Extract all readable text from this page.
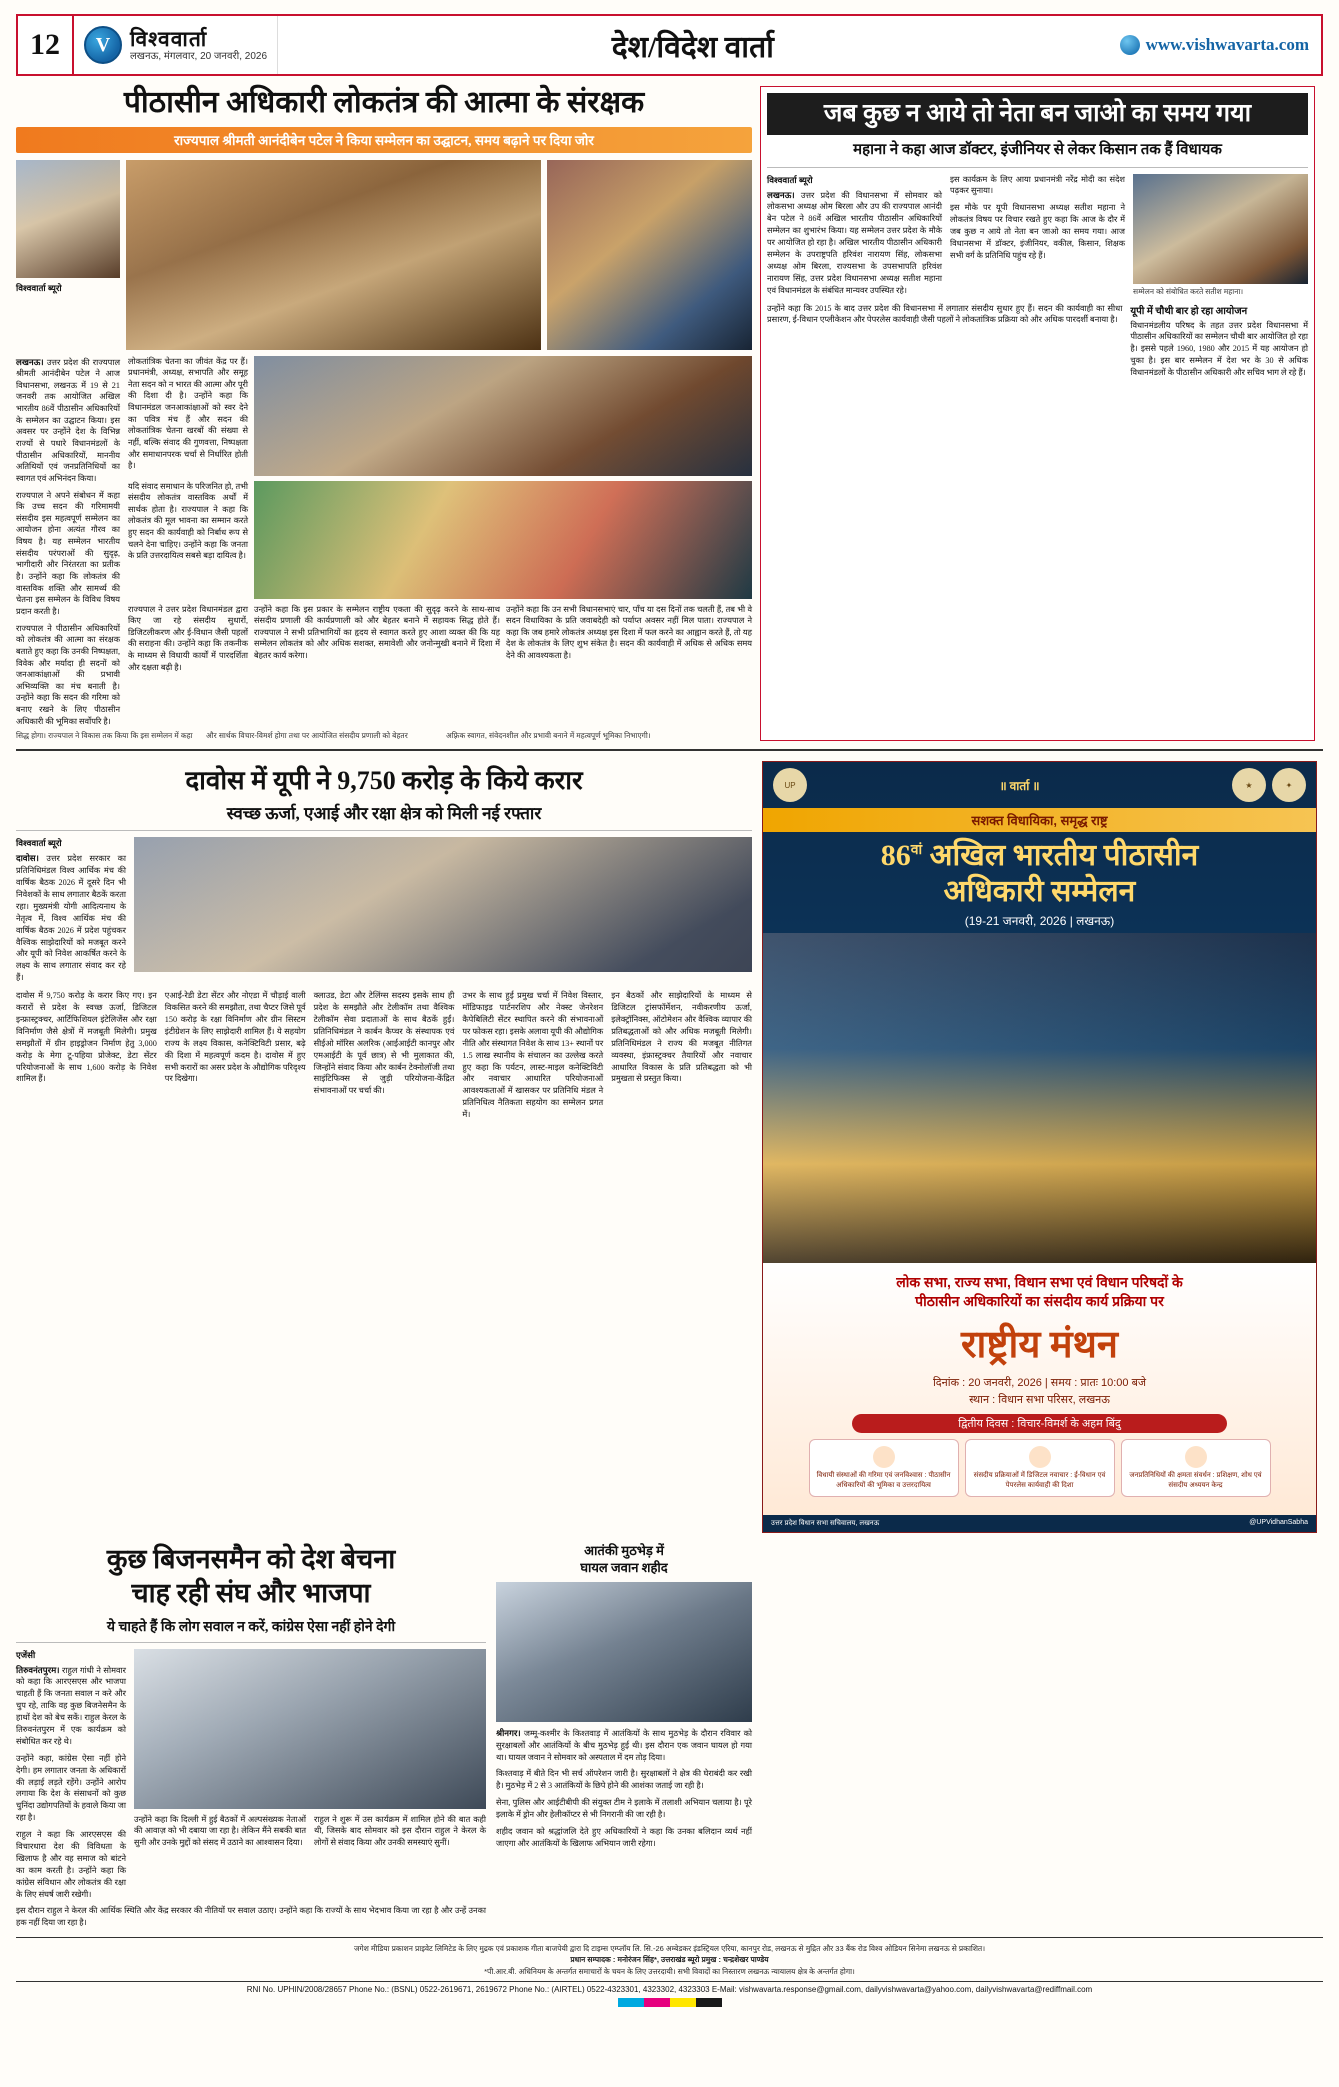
12	V विश्ववार्ता
लखनऊ, मंगलवार, 20 जनवरी, 2026	देश/विदेश वार्ता	www.vishwavarta.com
पीठासीन अधिकारी लोकतंत्र की आत्मा के संरक्षक
राज्यपाल श्रीमती आनंदीबेन पटेल ने किया सम्मेलन का उद्घाटन, समय बढ़ाने पर दिया जोर
विश्ववार्ता ब्यूरो
लखनऊ। उत्तर प्रदेश की राज्यपाल श्रीमती आनंदीबेन पटेल ने आज विधानसभा, लखनऊ में 19 से 21 जनवरी तक आयोजित अखिल भारतीय 86वें पीठासीन अधिकारियों के सम्मेलन का उद्घाटन किया। इस अवसर पर उन्होंने देश के विभिन्न राज्यों से पधारे विधानमंडलों के पीठासीन अधिकारियों, माननीय अतिथियों एवं जनप्रतिनिधियों का स्वागत एवं अभिनंदन किया।
राज्यपाल ने अपने संबोधन में कहा कि उच्च सदन की गरिमामयी संसदीय इस महत्वपूर्ण सम्मेलन का आयोजन होना अत्यंत गौरव का विषय है। यह सम्मेलन भारतीय संसदीय परंपराओं की सुदृढ़, भागीदारी और निरंतरता का प्रतीक है। उन्होंने कहा कि लोकतंत्र की वास्तविक शक्ति और सामर्थ्य की चेतना इस सम्मेलन के विविध विषय प्रदान करती है।
राज्यपाल ने पीठासीन अधिकारियों को लोकतंत्र की आत्मा का संरक्षक बताते हुए कहा कि उनकी निष्पक्षता, विवेक और मर्यादा ही सदनों को जनआकांक्षाओं की प्रभावी अभिव्यक्ति का मंच बनाती है। उन्होंने कहा कि सदन की गरिमा को बनाए रखने के लिए पीठासीन अधिकारी की भूमिका सर्वोपरि है।
लोकतांत्रिक चेतना का जीवंत केंद्र पर हैं। प्रधानमंत्री, अध्यक्ष, सभापति और समूह नेता सदन को न भारत की आत्मा और पूरी की दिशा दी है। उन्होंने कहा कि विधानमंडल जनआकांक्षाओं को स्वर देने का पवित्र मंच हैं और सदन की लोकतांत्रिक चेतना खरबों की संख्या से नहीं, बल्कि संवाद की गुणवत्ता, निष्पक्षता और समाधानपरक चर्चा से निर्धारित होती है।
यदि संवाद समाधान के परिजनित हो, तभी संसदीय लोकतंत्र वास्तविक अर्थों में सार्थक होता है। राज्यपाल ने कहा कि लोकतंत्र की मूल भावना का सम्मान करते हुए सदन की कार्यवाही को निर्बाध रूप से चलने देना चाहिए। उन्होंने कहा कि जनता के प्रति उत्तरदायित्व सबसे बड़ा दायित्व है।
राज्यपाल ने उत्तर प्रदेश विधानमंडल द्वारा किए जा रहे संसदीय सुधारों, डिजिटलीकरण और ई-विधान जैसी पहलों की सराहना की। उन्होंने कहा कि तकनीक के माध्यम से विधायी कार्यों में पारदर्शिता और दक्षता बढ़ी है।
उन्होंने कहा कि इस प्रकार के सम्मेलन राष्ट्रीय एकता की सुदृढ़ करने के साथ-साथ संसदीय प्रणाली की कार्यप्रणाली को और बेहतर बनाने में सहायक सिद्ध होते हैं। राज्यपाल ने सभी प्रतिभागियों का हृदय से स्वागत करते हुए आशा व्यक्त की कि यह सम्मेलन लोकतंत्र को और अधिक सशक्त, समावेशी और जनोन्मुखी बनाने में दिशा में बेहतर कार्य करेगा।
उन्होंने कहा कि उन सभी विधानसभाएं चार, पाँच या दस दिनों तक चलती हैं, तब भी वे सदन विधायिका के प्रति जवाबदेही को पर्याप्त अवसर नहीं मिल पाता। राज्यपाल ने कहा कि जब हमारे लोकतंत्र अध्यक्ष इस दिशा में फल करने का आह्वान करते हैं, तो यह देश के लोकतंत्र के लिए शुभ संकेत है। सदन की कार्यवाही में अधिक से अधिक समय देने की आवश्यकता है।
सिद्ध होगा। राज्यपाल ने विकास तक किया कि इस सम्मेलन में कहा	और सार्थक विचार-विमर्श होगा तथा पर आयोजित संसदीय प्रणाली को बेहतर	अफ़्रिक स्वागत, संवेदनशील और प्रभावी बनाने में महत्वपूर्ण भूमिका निभाएगी।
जब कुछ न आये तो नेता बन जाओ का समय गया
महाना ने कहा आज डॉक्टर, इंजीनियर से लेकर किसान तक हैं विधायक
विश्ववार्ता ब्यूरो
लखनऊ। उत्तर प्रदेश की विधानसभा में सोमवार को लोकसभा अध्यक्ष ओम बिरला और उप की राज्यपाल आनंदी बेन पटेल ने 86वें अखिल भारतीय पीठासीन अधिकारियों सम्मेलन का शुभारंभ किया। यह सम्मेलन उत्तर प्रदेश के मौके पर आयोजित हो रहा है। अखिल भारतीय पीठासीन अधिकारी सम्मेलन के उपराष्ट्रपति हरिवंश नारायण सिंह, लोकसभा अध्यक्ष ओम बिरला, राज्यसभा के उपसभापति हरिवंश नारायण सिंह, उत्तर प्रदेश विधानसभा अध्यक्ष सतीश महाना एवं विधानमंडल के संबंधित मान्यवर उपस्थित रहे।
इस कार्यक्रम के लिए आया प्रधानमंत्री नरेंद्र मोदी का संदेश पढ़कर सुनाया।
इस मौके पर यूपी विधानसभा अध्यक्ष सतीश महाना ने लोकतंत्र विषय पर विचार रखते हुए कहा कि आज के दौर में जब कुछ न आये तो नेता बन जाओ का समय गया। आज विधानसभा में डॉक्टर, इंजीनियर, वकील, किसान, शिक्षक सभी वर्ग के प्रतिनिधि पहुंच रहे हैं।
सम्मेलन को संबोधित करते सतीश महाना।
उन्होंने कहा कि 2015 के बाद उत्तर प्रदेश की विधानसभा में लगातार संसदीय सुधार हुए हैं। सदन की कार्यवाही का सीधा प्रसारण, ई-विधान एप्लीकेशन और पेपरलेस कार्यवाही जैसी पहलों ने लोकतांत्रिक प्रक्रिया को और अधिक पारदर्शी बनाया है।
यूपी में चौथी बार हो रहा आयोजन
विधानमंडलीय परिषद के तहत उत्तर प्रदेश विधानसभा में पीठासीन अधिकारियों का सम्मेलन चौथी बार आयोजित हो रहा है। इससे पहले 1960, 1980 और 2015 में यह आयोजन हो चुका है। इस बार सम्मेलन में देश भर के 30 से अधिक विधानमंडलों के पीठासीन अधिकारी और सचिव भाग ले रहे हैं।
दावोस में यूपी ने 9,750 करोड़ के किये करार
स्वच्छ ऊर्जा, एआई और रक्षा क्षेत्र को मिली नई रफ्तार
विश्ववार्ता ब्यूरो
दावोस। उत्तर प्रदेश सरकार का प्रतिनिधिमंडल विश्व आर्थिक मंच की वार्षिक बैठक 2026 में दूसरे दिन भी निवेशकों के साथ लगातार बैठकें करता रहा। मुख्यमंत्री योगी आदित्यनाथ के नेतृत्व में, विश्व आर्थिक मंच की वार्षिक बैठक 2026 में प्रदेश पहुंचकर वैश्विक साझेदारियों को मजबूत करने और यूपी को निवेश आकर्षित करने के लक्ष्य के साथ लगातार संवाद कर रहे हैं।
दावोस में 9,750 करोड़ के करार किए गए। इन करारों से प्रदेश के स्वच्छ ऊर्जा, डिजिटल इन्फ्रास्ट्रक्चर, आर्टिफिशियल इंटेलिजेंस और रक्षा विनिर्माण जैसे क्षेत्रों में मजबूती मिलेगी। प्रमुख समझौतों में ग्रीन हाइड्रोजन निर्माण हेतु 3,000 करोड़ के मेगा टू-पहिया प्रोजेक्ट, डेटा सेंटर परियोजनाओं के साथ 1,600 करोड़ के निवेश शामिल हैं।
एआई-रेडी डेटा सेंटर और नोएडा में चौड़ाई वाली विकसित करने की समझौता, तथा चैप्टर जिसे पूर्व 150 करोड़ के रक्षा विनिर्माण और ग्रीन सिस्टम इंटीग्रेशन के लिए साझेदारी शामिल हैं। ये सहयोग राज्य के लक्ष्य विकास, कनेक्टिविटी प्रसार, बढ़े की दिशा में महत्वपूर्ण कदम है। दावोस में हुए सभी करारों का असर प्रदेश के औद्योगिक परिदृश्य पर दिखेगा।
क्लाउड, डेटा और टेलिंग्स सदस्य इसके साथ ही प्रदेश के समझौते और टेलीकॉम तथा वैश्विक टेलीकॉम सेवा प्रदाताओं के साथ बैठकें हुईं। प्रतिनिधिमंडल ने कार्बन कैप्चर के संस्थापक एवं सीईओ मॉरिस अलरिक (आईआईटी कानपुर और एमआईटी के पूर्व छात्र) से भी मुलाकात की, जिन्होंने संवाद किया और कार्बन टेक्नोलॉजी तथा साइंटिफिक्स से जुड़ी परियोजना-केंद्रित संभावनाओं पर चर्चा की।
उभर के साथ हुई प्रमुख चर्चा में निवेश विस्तार, मॉडिफाइड पार्टनरशिप और नेक्स्ट जेनरेशन कैपेबिलिटी सेंटर स्थापित करने की संभावनाओं पर फोकस रहा। इसके अलावा यूपी की औद्योगिक नीति और संस्थागत निवेश के साथ 13+ स्थानों पर 1.5 लाख स्थानीय के संचालन का उल्लेख करते हुए कहा कि पर्यटन, लास्ट-माइल कनेक्टिविटी और नवाचार आधारित परियोजनाओं आवश्यकताओं में खासकर पर प्रतिनिधि मंडल ने प्रतिनिधित्व नैतिकता सहयोग का सम्मेलन प्रगत में।
इन बैठकों और साझेदारियों के माध्यम से डिजिटल ट्रांसफॉर्मेशन, नवीकरणीय ऊर्जा, इलेक्ट्रॉनिक्स, ऑटोमेशन और वैश्विक व्यापार की प्रतिबद्धताओं को और अधिक मजबूती मिलेगी। प्रतिनिधिमंडल ने राज्य की मजबूत नीतिगत व्यवस्था, इंफ्रास्ट्रक्चर तैयारियों और नवाचार आधारित विकास के प्रति प्रतिबद्धता को भी प्रमुखता से प्रस्तुत किया।
UP	॥ वार्ता ॥	★	✦
सशक्त विधायिका, समृद्ध राष्ट्र
$86^{वां}$ अखिल भारतीय पीठासीन
अधिकारी सम्मेलन
(19-21 जनवरी, 2026 | लखनऊ)

लोक सभा, राज्य सभा, विधान सभा एवं विधान परिषदों के

पीठासीन अधिकारियों का संसदीय कार्य प्रक्रिया पर

राष्ट्रीय मंथन
दिनांक : 20 जनवरी, 2026 | समय : प्रातः 10:00 बजे
स्थान : विधान सभा परिसर, लखनऊ
द्वितीय दिवस : विचार-विमर्श के अहम बिंदु
विधायी संस्थाओं की गरिमा एवं जनविश्वास : पीठासीन अधिकारियों की भूमिका व उत्तरदायित्व
संसदीय प्रक्रियाओं में डिजिटल नवाचार : ई-विधान एवं पेपरलेस कार्यवाही की दिशा
जनप्रतिनिधियों की क्षमता संवर्धन : प्रशिक्षण, शोध एवं संसदीय अध्ययन केन्द्र
उत्तर प्रदेश विधान सभा सचिवालय, लखनऊ	@UPVidhanSabha
कुछ बिजनसमैन को देश बेचना
चाह रही संघ और भाजपा
ये चाहते हैं कि लोग सवाल न करें, कांग्रेस ऐसा नहीं होने देगी
एजेंसी
तिरुवनंतपुरम। राहुल गांधी ने सोमवार को कहा कि आरएसएस और भाजपा चाहती हैं कि जनता सवाल न करे और चुप रहे, ताकि वह कुछ बिजनेसमैन के हाथों देश को बेच सकें। राहुल केरल के तिरुवनंतपुरम में एक कार्यक्रम को संबोधित कर रहे थे।
उन्होंने कहा, कांग्रेस ऐसा नहीं होने देगी। हम लगातार जनता के अधिकारों की लड़ाई लड़ते रहेंगे। उन्होंने आरोप लगाया कि देश के संसाधनों को कुछ चुनिंदा उद्योगपतियों के हवाले किया जा रहा है।
राहुल ने कहा कि आरएसएस की विचारधारा देश की विविधता के खिलाफ है और वह समाज को बांटने का काम करती है। उन्होंने कहा कि कांग्रेस संविधान और लोकतंत्र की रक्षा के लिए संघर्ष जारी रखेगी।
उन्होंने कहा कि दिल्ली में हुई बैठकों में अल्पसंख्यक नेताओं की आवाज़ को भी दबाया जा रहा है। लेकिन मैंने सबकी बात सुनी और उनके मुद्दों को संसद में उठाने का आश्वासन दिया।
राहुल ने शुरू में उस कार्यक्रम में शामिल होने की बात कही थी, जिसके बाद सोमवार को इस दौरान राहुल ने केरल के लोगों से संवाद किया और उनकी समस्याएं सुनीं।
इस दौरान राहुल ने केरल की आर्थिक स्थिति और केंद्र सरकार की नीतियों पर सवाल उठाए। उन्होंने कहा कि राज्यों के साथ भेदभाव किया जा रहा है और उन्हें उनका हक नहीं दिया जा रहा है।
आतंकी मुठभेड़ में
घायल जवान शहीद
श्रीनगर। जम्मू-कश्मीर के किश्तवाड़ में आतंकियों के साथ मुठभेड़ के दौरान रविवार को सुरक्षाबलों और आतंकियों के बीच मुठभेड़ हुई थी। इस दौरान एक जवान घायल हो गया था। घायल जवान ने सोमवार को अस्पताल में दम तोड़ दिया।
किश्तवाड़ में बीते दिन भी सर्च ऑपरेशन जारी है। सुरक्षाबलों ने क्षेत्र की घेराबंदी कर रखी है। मुठभेड़ में 2 से 3 आतंकियों के छिपे होने की आशंका जताई जा रही है।
सेना, पुलिस और आईटीबीपी की संयुक्त टीम ने इलाके में तलाशी अभियान चलाया है। पूरे इलाके में ड्रोन और हेलीकॉप्टर से भी निगरानी की जा रही है।
शहीद जवान को श्रद्धांजलि देते हुए अधिकारियों ने कहा कि उनका बलिदान व्यर्थ नहीं जाएगा और आतंकियों के खिलाफ अभियान जारी रहेगा।
जगेश मीडिया प्रकाशन प्राइवेट लिमिटेड के लिए मुद्रक एवं प्रकाशक गीता बाजपेयी द्वारा दि टाइम्स एम्प्लॉय लि. सि.-26 अम्बेडकर इंडस्ट्रियल एरिया, कानपुर रोड, लखनऊ से मुद्रित और 33 बैंक रोड विश्व ओडियन सिनेमा लखनऊ से प्रकाशित।
प्रधान सम्पादक : मनोरंजन सिंह*, उत्तराखंड ब्यूरो प्रमुख : चन्द्रशेखर पाण्डेय
*पी.आर.बी. अधिनियम के अन्तर्गत समाचारों के चयन के लिए उत्तरदायी। सभी विवादों का निस्तारण लखनऊ न्यायालय क्षेत्र के अन्तर्गत होगा।
RNI No. UPHIN/2008/28657 Phone No.: (BSNL) 0522-2619671, 2619672 Phone No.: (AIRTEL) 0522-4323301, 4323302, 4323303 E-Mail: vishwavarta.response@gmail.com, dailyvishwavarta@yahoo.com, dailyvishwavarta@rediffmail.com
